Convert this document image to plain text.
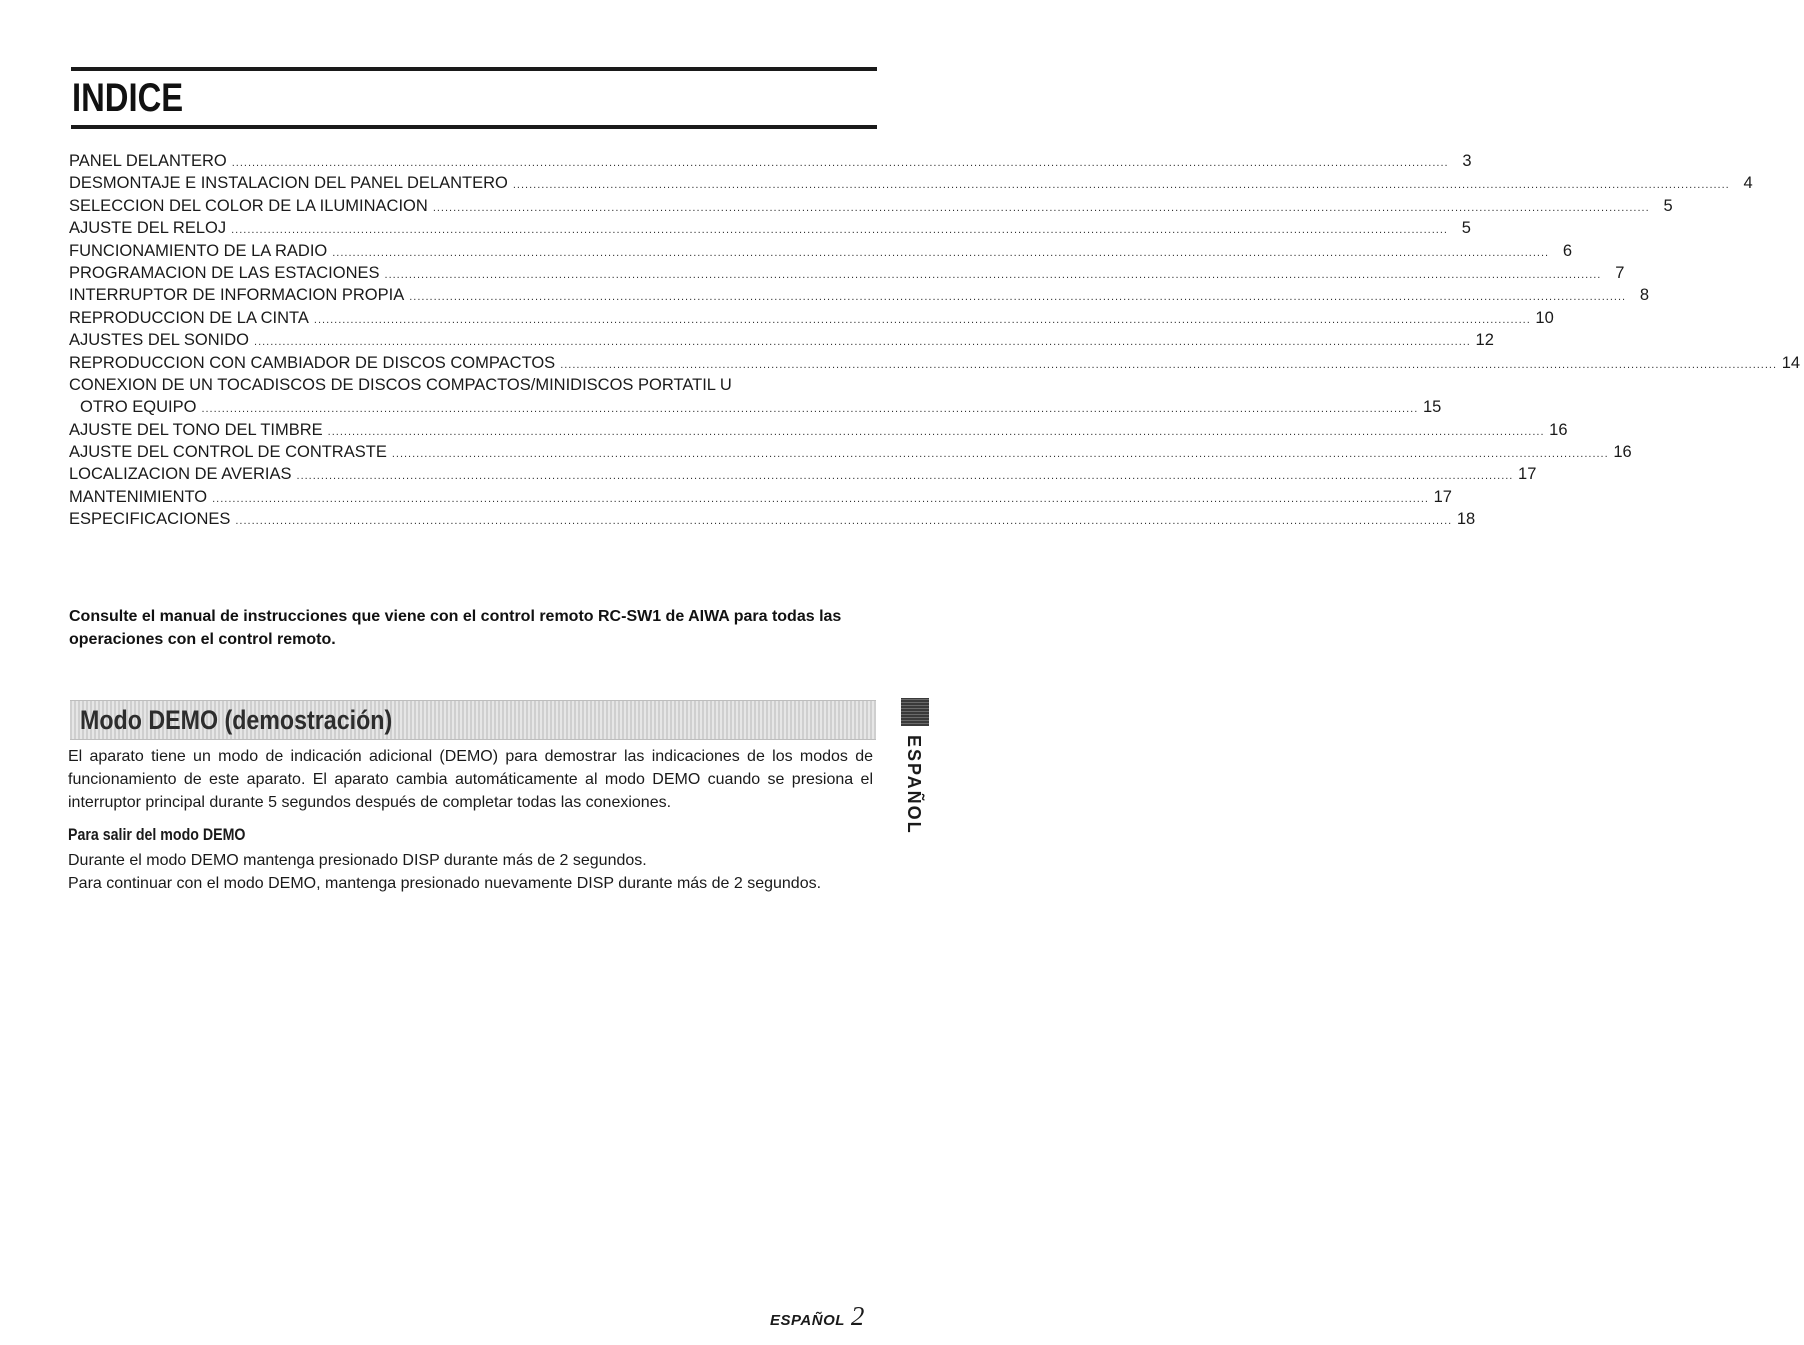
INDICE
PANEL DELANTERO ............................................................................................................................................................................................................................................................................................................ 3
DESMONTAJE E INSTALACION DEL PANEL DELANTERO ............................................................................................................................................................................................................................................................................................................ 4
SELECCION DEL COLOR DE LA ILUMINACION ............................................................................................................................................................................................................................................................................................................ 5
AJUSTE DEL RELOJ ............................................................................................................................................................................................................................................................................................................ 5
FUNCIONAMIENTO DE LA RADIO ............................................................................................................................................................................................................................................................................................................ 6
PROGRAMACION DE LAS ESTACIONES ............................................................................................................................................................................................................................................................................................................ 7
INTERRUPTOR DE INFORMACION PROPIA ............................................................................................................................................................................................................................................................................................................ 8
REPRODUCCION DE LA CINTA ............................................................................................................................................................................................................................................................................................................ 10
AJUSTES DEL SONIDO ............................................................................................................................................................................................................................................................................................................ 12
REPRODUCCION CON CAMBIADOR DE DISCOS COMPACTOS ............................................................................................................................................................................................................................................................................................................ 14
CONEXION DE UN TOCADISCOS DE DISCOS COMPACTOS/MINIDISCOS PORTATIL U
OTRO EQUIPO ............................................................................................................................................................................................................................................................................................................ 15
AJUSTE DEL TONO DEL TIMBRE ............................................................................................................................................................................................................................................................................................................ 16
AJUSTE DEL CONTROL DE CONTRASTE ............................................................................................................................................................................................................................................................................................................ 16
LOCALIZACION DE AVERIAS ............................................................................................................................................................................................................................................................................................................ 17
MANTENIMIENTO ............................................................................................................................................................................................................................................................................................................ 17
ESPECIFICACIONES ............................................................................................................................................................................................................................................................................................................ 18
Consulte el manual de instrucciones que viene con el control remoto RC-SW1 de AIWA para todas las operaciones con el control remoto.
Modo DEMO (demostración)

El aparato tiene un modo de indicación adicional (DEMO) para demostrar las indicaciones de los modos de funcionamiento de este aparato. El aparato cambia automáticamente al modo DEMO cuando se presiona el interruptor principal durante 5 segundos después de completar todas las conexiones.

Para salir del modo DEMO
Durante el modo DEMO mantenga presionado DISP durante más de 2 segundos.
Para continuar con el modo DEMO, mantenga presionado nuevamente DISP durante más de 2 segundos.
ESPAÑOL
ESPAÑOL 2
